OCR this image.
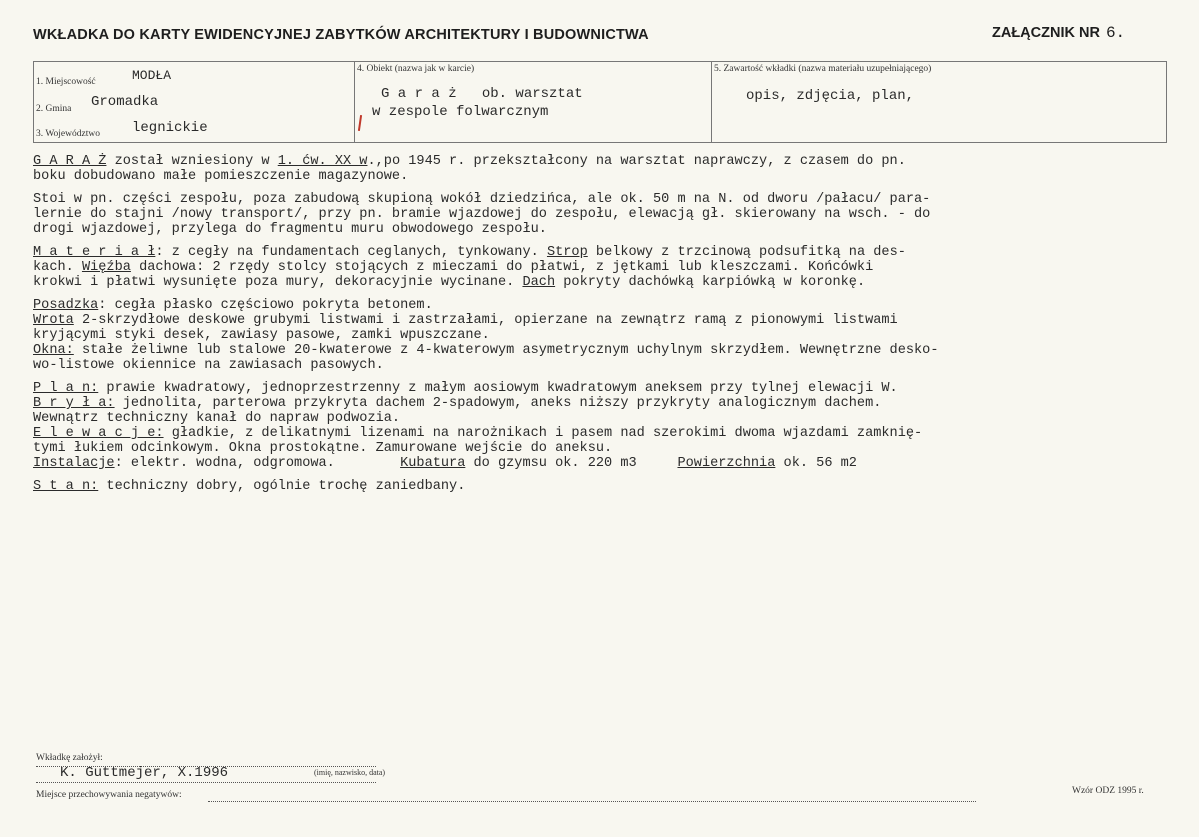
WKŁADKA DO KARTY EWIDENCYJNEJ ZABYTKÓW ARCHITEKTURY I BUDOWNICTWA	ZAŁĄCZNIK NR 6.
1. Miejscowość	MODŁA
2. Gmina Gromadka
3. Województwo legnickie
4. Obiekt (nazwa jak w karcie)
G a r a ż   ob. warsztat
w zespole folwarcznym
5. Zawartość wkładki (nazwa materiału uzupełniającego)
opis, zdjęcia, plan,
G A R A Ż został wzniesiony w 1. ćw. XX w.,po 1945 r. przekształcony na warsztat naprawczy, z czasem do pn.
boku dobudowano małe pomieszczenie magazynowe.
Stoi w pn. części zespołu, poza zabudową skupioną wokół dziedzińca, ale ok. 50 m na N. od dworu /pałacu/ para-
lernie do stajni /nowy transport/, przy pn. bramie wjazdowej do zespołu, elewacją gł. skierowany na wsch. - do
drogi wjazdowej, przylega do fragmentu muru obwodowego zespołu.
M a t e r i a ł: z cegły na fundamentach ceglanych, tynkowany. Strop belkowy z trzcinową podsufitką na des-
kach. Więźba dachowa: 2 rzędy stolcy stojących z mieczami do płatwi, z jętkami lub kleszczami. Końcówki
krokwi i płatwi wysunięte poza mury, dekoracyjnie wycinane. Dach pokryty dachówką karpiówką w koronkę.
Posadzka: cegła płasko częściowo pokryta betonem.
Wrota 2-skrzydłowe deskowe grubymi listwami i zastrzałami, opierzane na zewnątrz ramą z pionowymi listwami
kryjącymi styki desek, zawiasy pasowe, zamki wpuszczane.
Okna: stałe żeliwne lub stalowe 20-kwaterowe z 4-kwaterowym asymetrycznym uchylnym skrzydłem. Wewnętrzne desko-
wo-listowe okiennice na zawiasach pasowych.
P l a n: prawie kwadratowy, jednoprzestrzenny z małym aosiowym kwadratowym aneksem przy tylnej elewacji W.
B r y ł a: jednolita, parterowa przykryta dachem 2-spadowym, aneks niższy przykryty analogicznym dachem.
Wewnątrz techniczny kanał do napraw podwozia.
E l e w a c j e: gładkie, z delikatnymi lizenami na narożnikach i pasem nad szerokimi dwoma wjazdami zamknię-
tymi łukiem odcinkowym. Okna prostokątne. Zamurowane wejście do aneksu.
Instalacje: elektr. wodna, odgromowa.        Kubatura do gzymsu ok. 220 m3     Powierzchnia ok. 56 m2
S t a n: techniczny dobry, ogólnie trochę zaniedbany.
Wkładkę założył:
K. Guttmejer, X.1996	(imię, nazwisko, data)
Miejsce przechowywania negatywów:	Wzór ODZ 1995 r.
